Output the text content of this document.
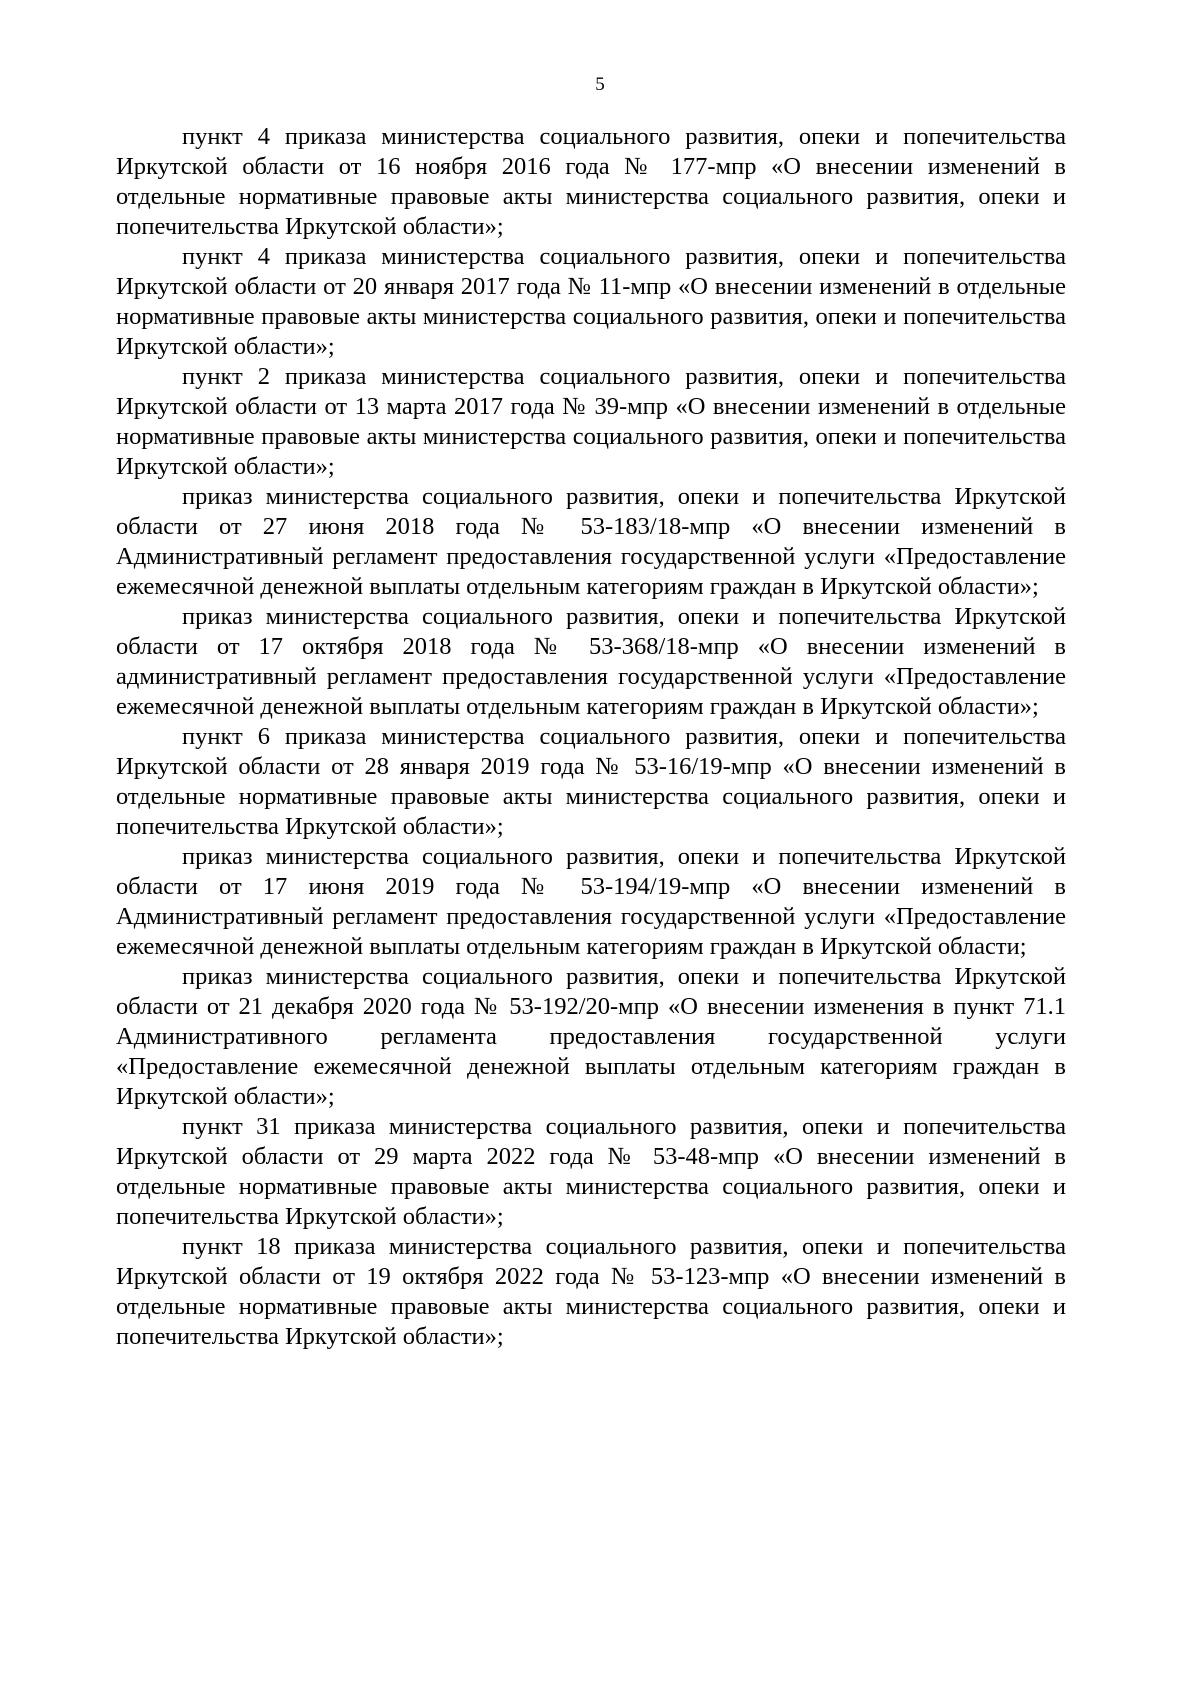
5

пункт 4 приказа министерства социального развития, опеки и попечительства Иркутской области от 16 ноября 2016 года № 177-мпр «О внесении изменений в отдельные нормативные правовые акты министерства социального развития, опеки и попечительства Иркутской области»;

пункт 4 приказа министерства социального развития, опеки и попечительства Иркутской области от 20 января 2017 года № 11-мпр «О внесении изменений в отдельные нормативные правовые акты министерства социального развития, опеки и попечительства Иркутской области»;

пункт 2 приказа министерства социального развития, опеки и попечительства Иркутской области от 13 марта 2017 года № 39-мпр «О внесении изменений в отдельные нормативные правовые акты министерства социального развития, опеки и попечительства Иркутской области»;

приказ министерства социального развития, опеки и попечительства Иркутской области от 27 июня 2018 года № 53-183/18-мпр «О внесении изменений в Административный регламент предоставления государственной услуги «Предоставление ежемесячной денежной выплаты отдельным категориям граждан в Иркутской области»;

приказ министерства социального развития, опеки и попечительства Иркутской области от 17 октября 2018 года № 53-368/18-мпр «О внесении изменений в административный регламент предоставления государственной услуги «Предоставление ежемесячной денежной выплаты отдельным категориям граждан в Иркутской области»;

пункт 6 приказа министерства социального развития, опеки и попечительства Иркутской области от 28 января 2019 года № 53-16/19-мпр «О внесении изменений в отдельные нормативные правовые акты министерства социального развития, опеки и попечительства Иркутской области»;

приказ министерства социального развития, опеки и попечительства Иркутской области от 17 июня 2019 года № 53-194/19-мпр «О внесении изменений в Административный регламент предоставления государственной услуги «Предоставление ежемесячной денежной выплаты отдельным категориям граждан в Иркутской области;

приказ министерства социального развития, опеки и попечительства Иркутской области от 21 декабря 2020 года № 53-192/20-мпр «О внесении изменения в пункт 71.1 Административного регламента предоставления государственной услуги «Предоставление ежемесячной денежной выплаты отдельным категориям граждан в Иркутской области»;

пункт 31 приказа министерства социального развития, опеки и попечительства Иркутской области от 29 марта 2022 года № 53-48-мпр «О внесении изменений в отдельные нормативные правовые акты министерства социального развития, опеки и попечительства Иркутской области»;

пункт 18 приказа министерства социального развития, опеки и попечительства Иркутской области от 19 октября 2022 года № 53-123-мпр «О внесении изменений в отдельные нормативные правовые акты министерства социального развития, опеки и попечительства Иркутской области»;
